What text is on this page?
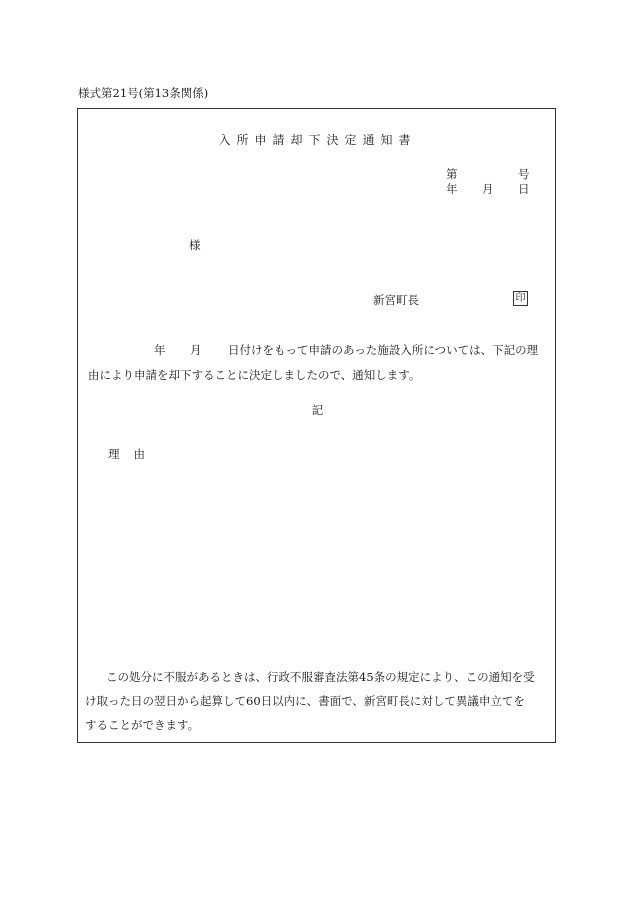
様式第21号(第13条関係)
入所申請却下決定通知書
第	号
年 月 日
様
新宮町長	印
年 月 日付けをもって申請のあった施設入所については、下記の理
由により申請を却下することに決定しましたので、通知します。
記
理由
この処分に不服があるときは、行政不服審査法第45条の規定により、この通知を受
け取った日の翌日から起算して60日以内に、書面で、新宮町長に対して異議申立てを
することができます。
